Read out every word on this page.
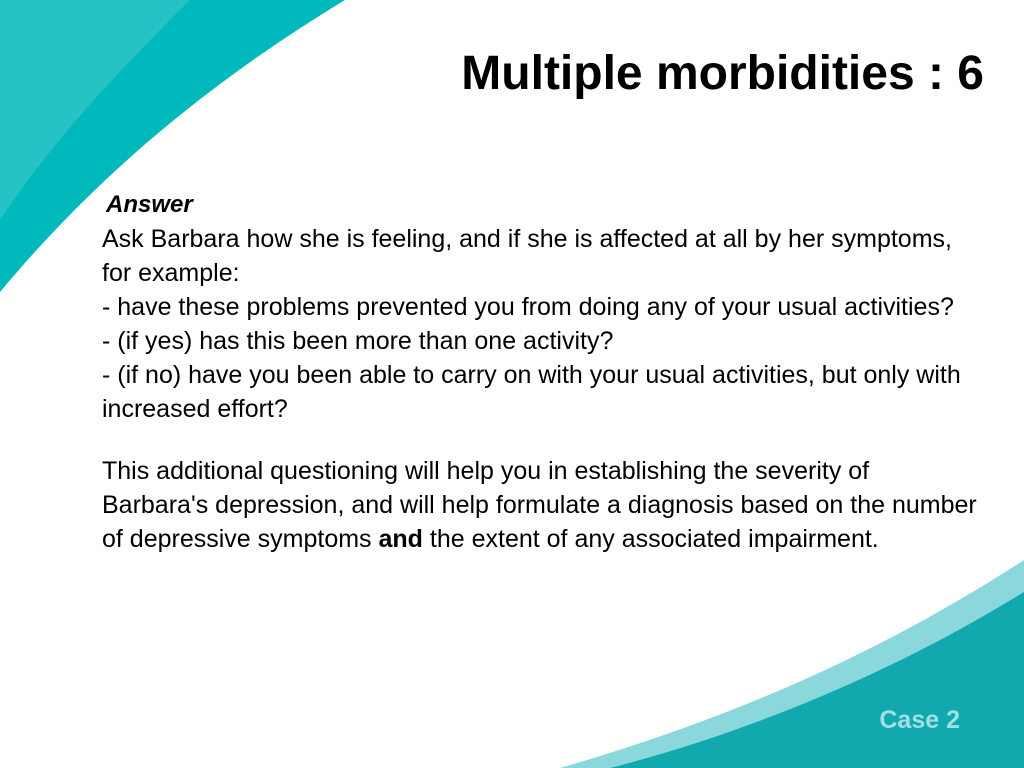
Multiple morbidities : 6
Answer

Ask Barbara how she is feeling, and if she is affected at all by her symptoms, for example:

- have these problems prevented you from doing any of your usual activities?

- (if yes) has this been more than one activity?

- (if no) have you been able to carry on with your usual activities, but only with increased effort?

This additional questioning will help you in establishing the severity of Barbara's depression, and will help formulate a diagnosis based on the number of depressive symptoms and the extent of any associated impairment.

Case 2
